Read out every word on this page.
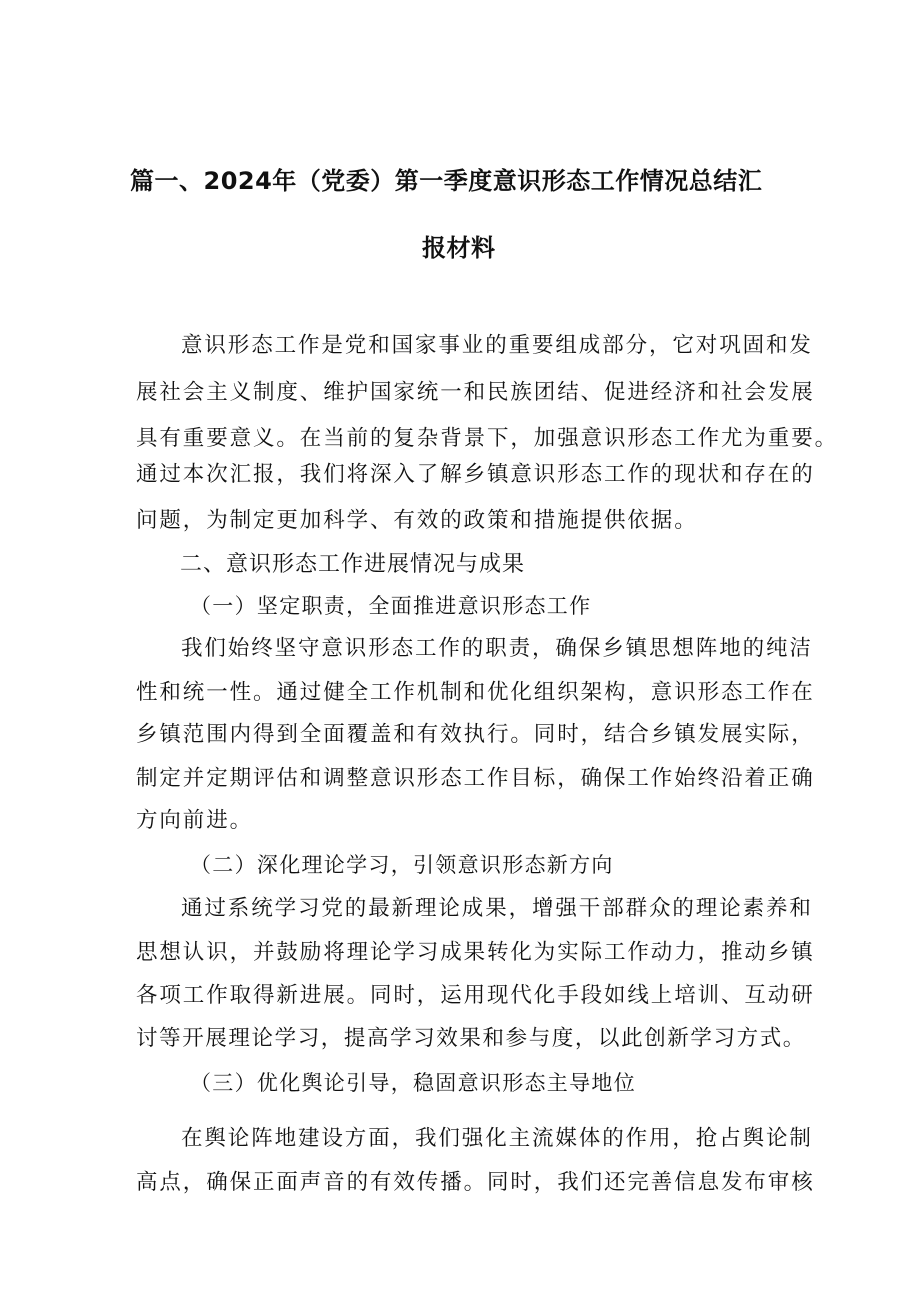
篇一、2024年（党委）第一季度意识形态工作情况总结汇
报材料
意识形态工作是党和国家事业的重要组成部分，它对巩固和发
展社会主义制度、维护国家统一和民族团结、促进经济和社会发展
具有重要意义。在当前的复杂背景下，加强意识形态工作尤为重要。
通过本次汇报，我们将深入了解乡镇意识形态工作的现状和存在的
问题，为制定更加科学、有效的政策和措施提供依据。
二、意识形态工作进展情况与成果
（一）坚定职责，全面推进意识形态工作
我们始终坚守意识形态工作的职责，确保乡镇思想阵地的纯洁
性和统一性。通过健全工作机制和优化组织架构，意识形态工作在
乡镇范围内得到全面覆盖和有效执行。同时，结合乡镇发展实际，
制定并定期评估和调整意识形态工作目标，确保工作始终沿着正确
方向前进。
（二）深化理论学习，引领意识形态新方向
通过系统学习党的最新理论成果，增强干部群众的理论素养和
思想认识，并鼓励将理论学习成果转化为实际工作动力，推动乡镇
各项工作取得新进展。同时，运用现代化手段如线上培训、互动研
讨等开展理论学习，提高学习效果和参与度，以此创新学习方式。
（三）优化舆论引导，稳固意识形态主导地位
在舆论阵地建设方面，我们强化主流媒体的作用，抢占舆论制
高点，确保正面声音的有效传播。同时，我们还完善信息发布审核
